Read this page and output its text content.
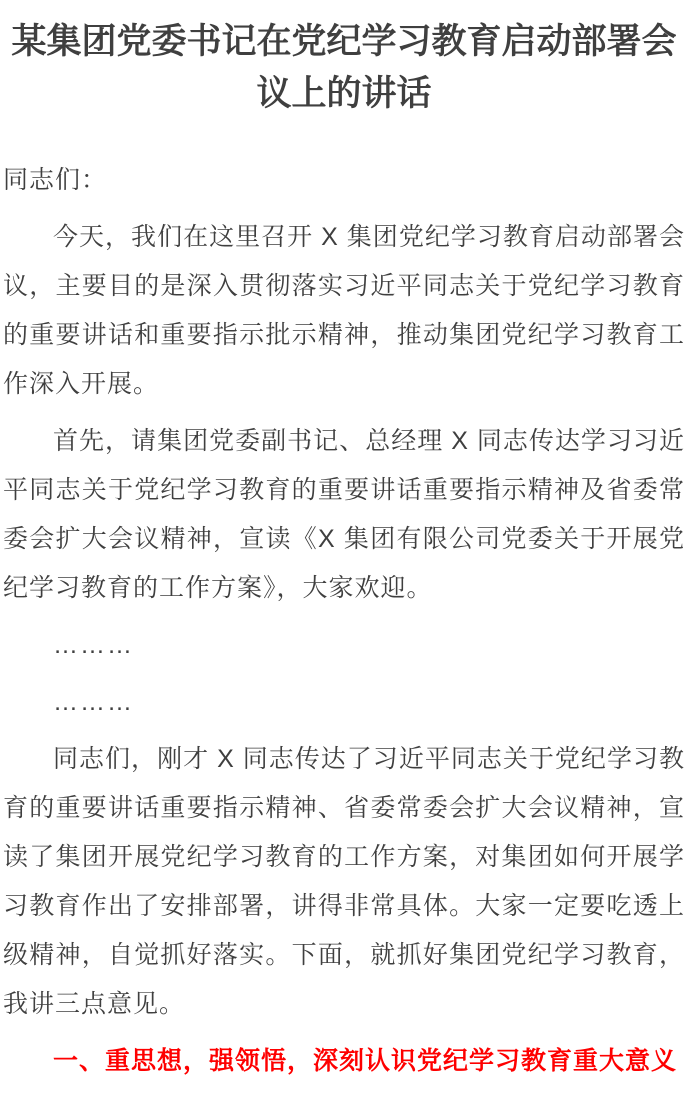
某集团党委书记在党纪学习教育启动部署会
议上的讲话

同志们：

今天，我们在这里召开 X 集团党纪学习教育启动部署会议，主要目的是深入贯彻落实习近平同志关于党纪学习教育的重要讲话和重要指示批示精神，推动集团党纪学习教育工作深入开展。

首先，请集团党委副书记、总经理 X 同志传达学习习近平同志关于党纪学习教育的重要讲话重要指示精神及省委常委会扩大会议精神，宣读《X 集团有限公司党委关于开展党纪学习教育的工作方案》，大家欢迎。

………

………

同志们，刚才 X 同志传达了习近平同志关于党纪学习教育的重要讲话重要指示精神、省委常委会扩大会议精神，宣读了集团开展党纪学习教育的工作方案，对集团如何开展学习教育作出了安排部署，讲得非常具体。大家一定要吃透上级精神，自觉抓好落实。下面，就抓好集团党纪学习教育，我讲三点意见。

一、重思想，强领悟，深刻认识党纪学习教育重大意义
